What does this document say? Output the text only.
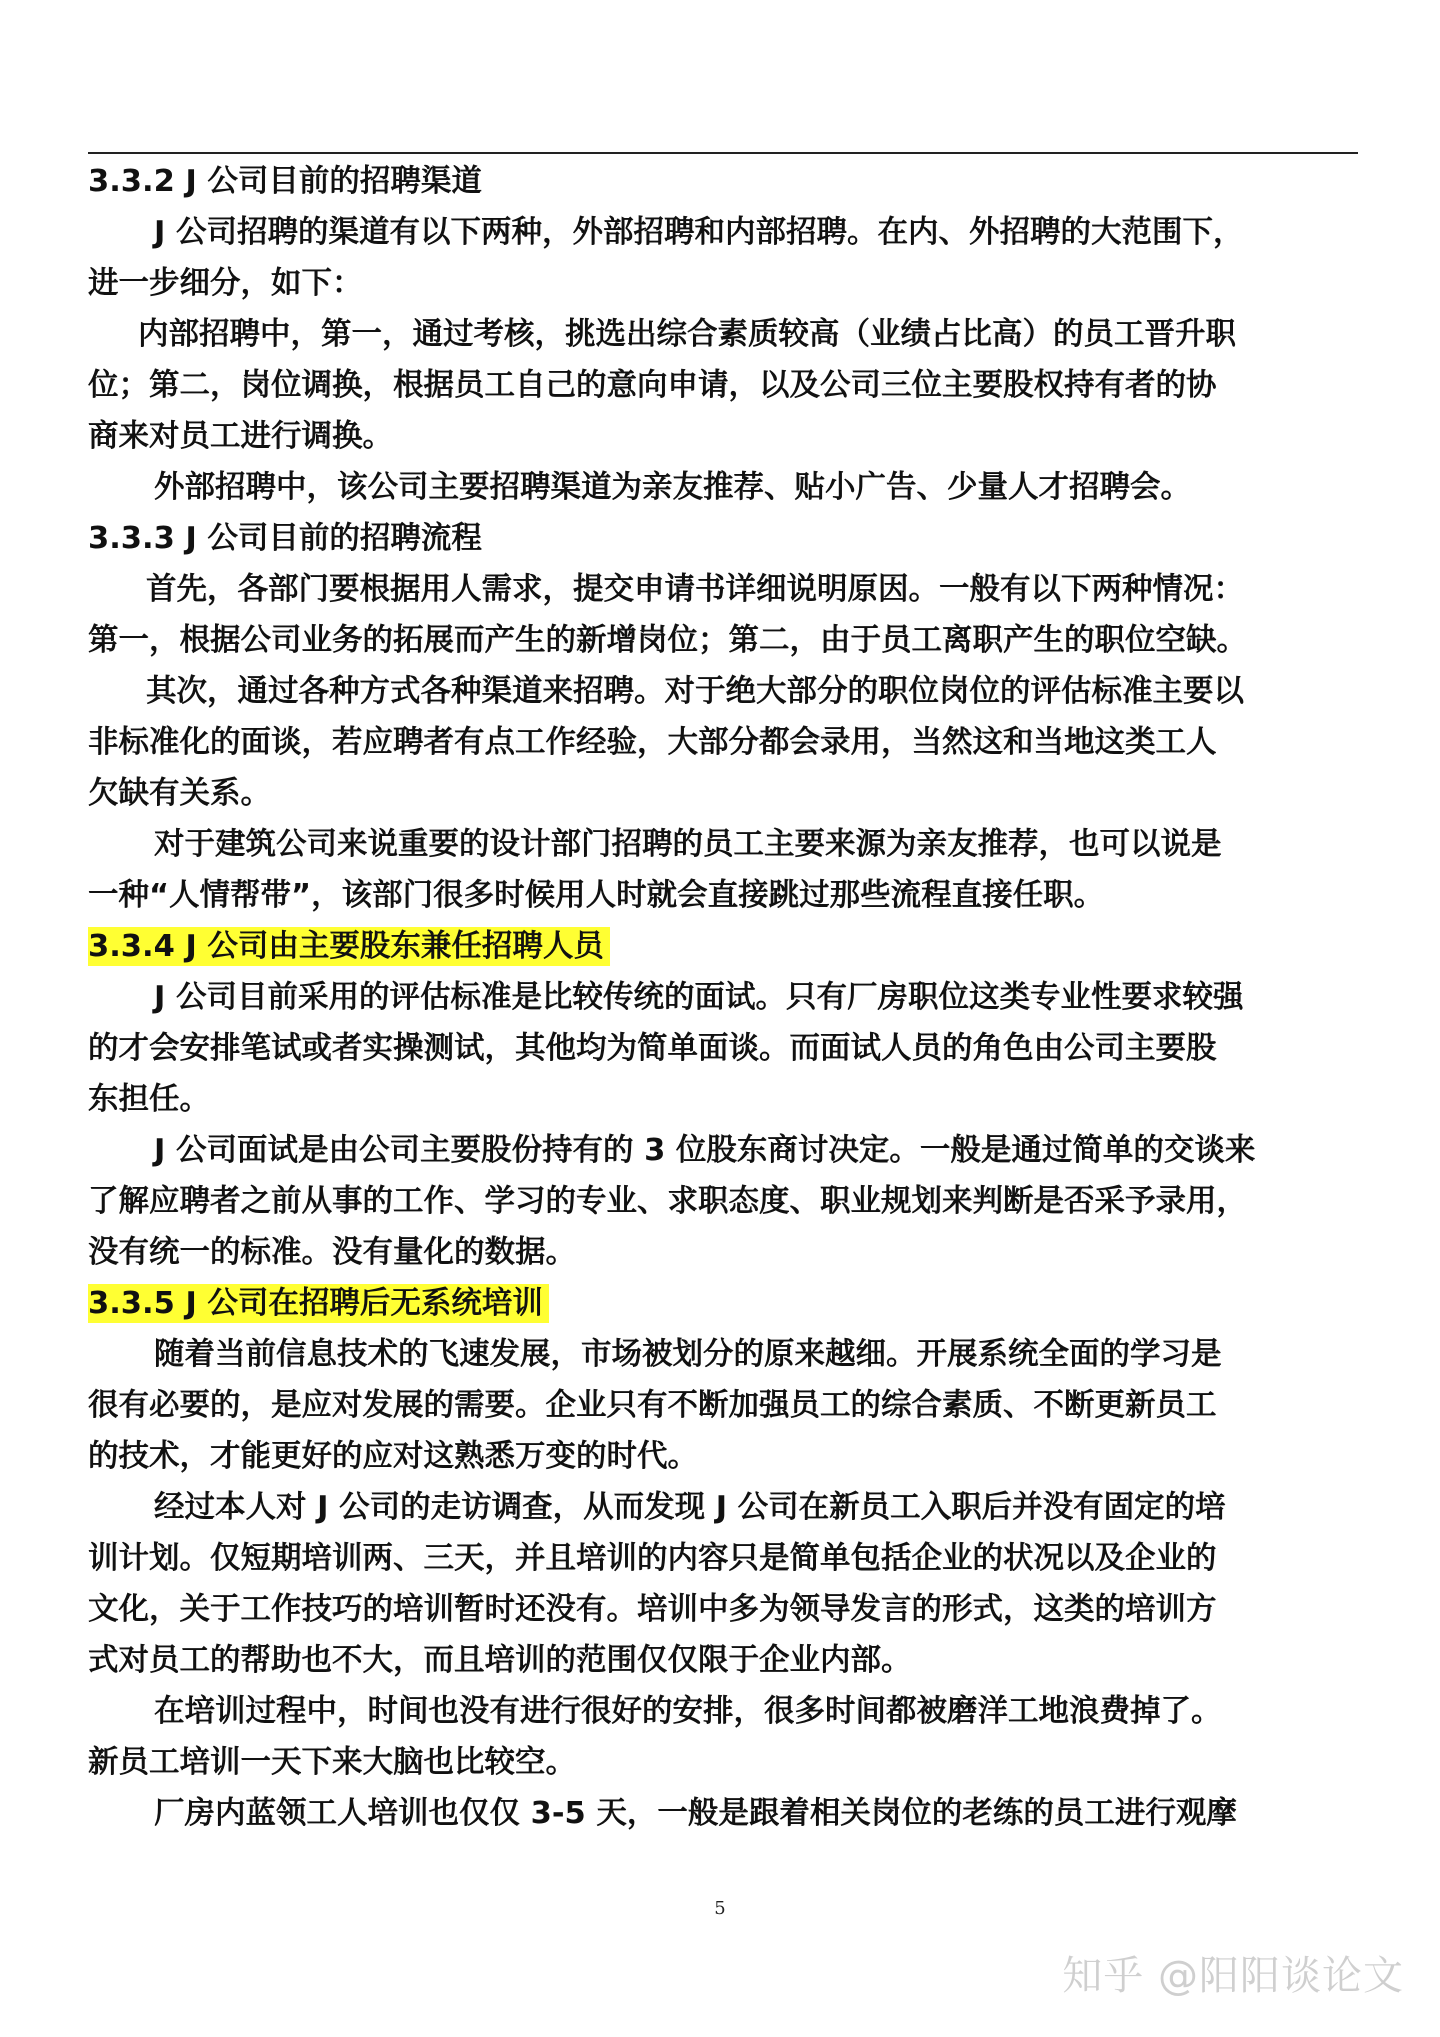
3.3.2 J 公司目前的招聘渠道
J 公司招聘的渠道有以下两种，外部招聘和内部招聘。在内、外招聘的大范围下，
进一步细分，如下：
内部招聘中，第一，通过考核，挑选出综合素质较高（业绩占比高）的员工晋升职
位；第二，岗位调换，根据员工自己的意向申请，以及公司三位主要股权持有者的协
商来对员工进行调换。
外部招聘中，该公司主要招聘渠道为亲友推荐、贴小广告、少量人才招聘会。
3.3.3 J 公司目前的招聘流程
首先，各部门要根据用人需求，提交申请书详细说明原因。一般有以下两种情况：
第一，根据公司业务的拓展而产生的新增岗位；第二，由于员工离职产生的职位空缺。
其次，通过各种方式各种渠道来招聘。对于绝大部分的职位岗位的评估标准主要以
非标准化的面谈，若应聘者有点工作经验，大部分都会录用，当然这和当地这类工人
欠缺有关系。
对于建筑公司来说重要的设计部门招聘的员工主要来源为亲友推荐，也可以说是
一种“人情帮带”，该部门很多时候用人时就会直接跳过那些流程直接任职。
3.3.4 J 公司由主要股东兼任招聘人员
J 公司目前采用的评估标准是比较传统的面试。只有厂房职位这类专业性要求较强
的才会安排笔试或者实操测试，其他均为简单面谈。而面试人员的角色由公司主要股
东担任。
J 公司面试是由公司主要股份持有的 3 位股东商讨决定。一般是通过简单的交谈来
了解应聘者之前从事的工作、学习的专业、求职态度、职业规划来判断是否采予录用，
没有统一的标准。没有量化的数据。
3.3.5 J 公司在招聘后无系统培训
随着当前信息技术的飞速发展，市场被划分的原来越细。开展系统全面的学习是
很有必要的，是应对发展的需要。企业只有不断加强员工的综合素质、不断更新员工
的技术，才能更好的应对这熟悉万变的时代。
经过本人对 J 公司的走访调查，从而发现 J 公司在新员工入职后并没有固定的培
训计划。仅短期培训两、三天，并且培训的内容只是简单包括企业的状况以及企业的
文化，关于工作技巧的培训暂时还没有。培训中多为领导发言的形式，这类的培训方
式对员工的帮助也不大，而且培训的范围仅仅限于企业内部。
在培训过程中，时间也没有进行很好的安排，很多时间都被磨洋工地浪费掉了。
新员工培训一天下来大脑也比较空。
厂房内蓝领工人培训也仅仅 3-5 天，一般是跟着相关岗位的老练的员工进行观摩
5
知乎 @阳阳谈论文
